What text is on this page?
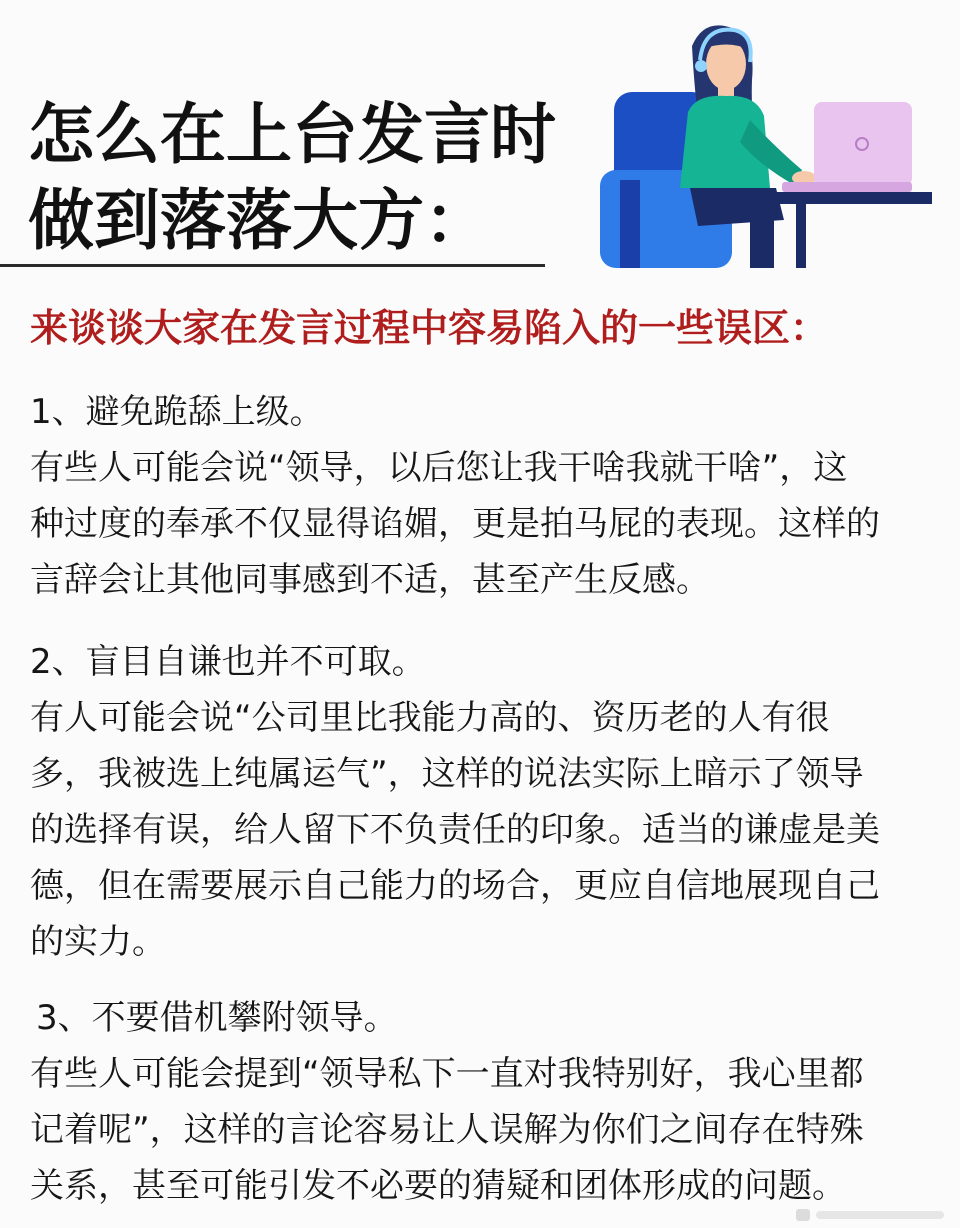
怎么在上台发言时
做到落落大方：
来谈谈大家在发言过程中容易陷入的一些误区：
1、避免跪舔上级。
有些人可能会说“领导，以后您让我干啥我就干啥”，这
种过度的奉承不仅显得谄媚，更是拍马屁的表现。这样的
言辞会让其他同事感到不适，甚至产生反感。
2、盲目自谦也并不可取。
有人可能会说“公司里比我能力高的、资历老的人有很
多，我被选上纯属运气”，这样的说法实际上暗示了领导
的选择有误，给人留下不负责任的印象。适当的谦虚是美
德，但在需要展示自己能力的场合，更应自信地展现自己
的实力。
3、不要借机攀附领导。
有些人可能会提到“领导私下一直对我特别好，我心里都
记着呢”，这样的言论容易让人误解为你们之间存在特殊
关系，甚至可能引发不必要的猜疑和团体形成的问题。
